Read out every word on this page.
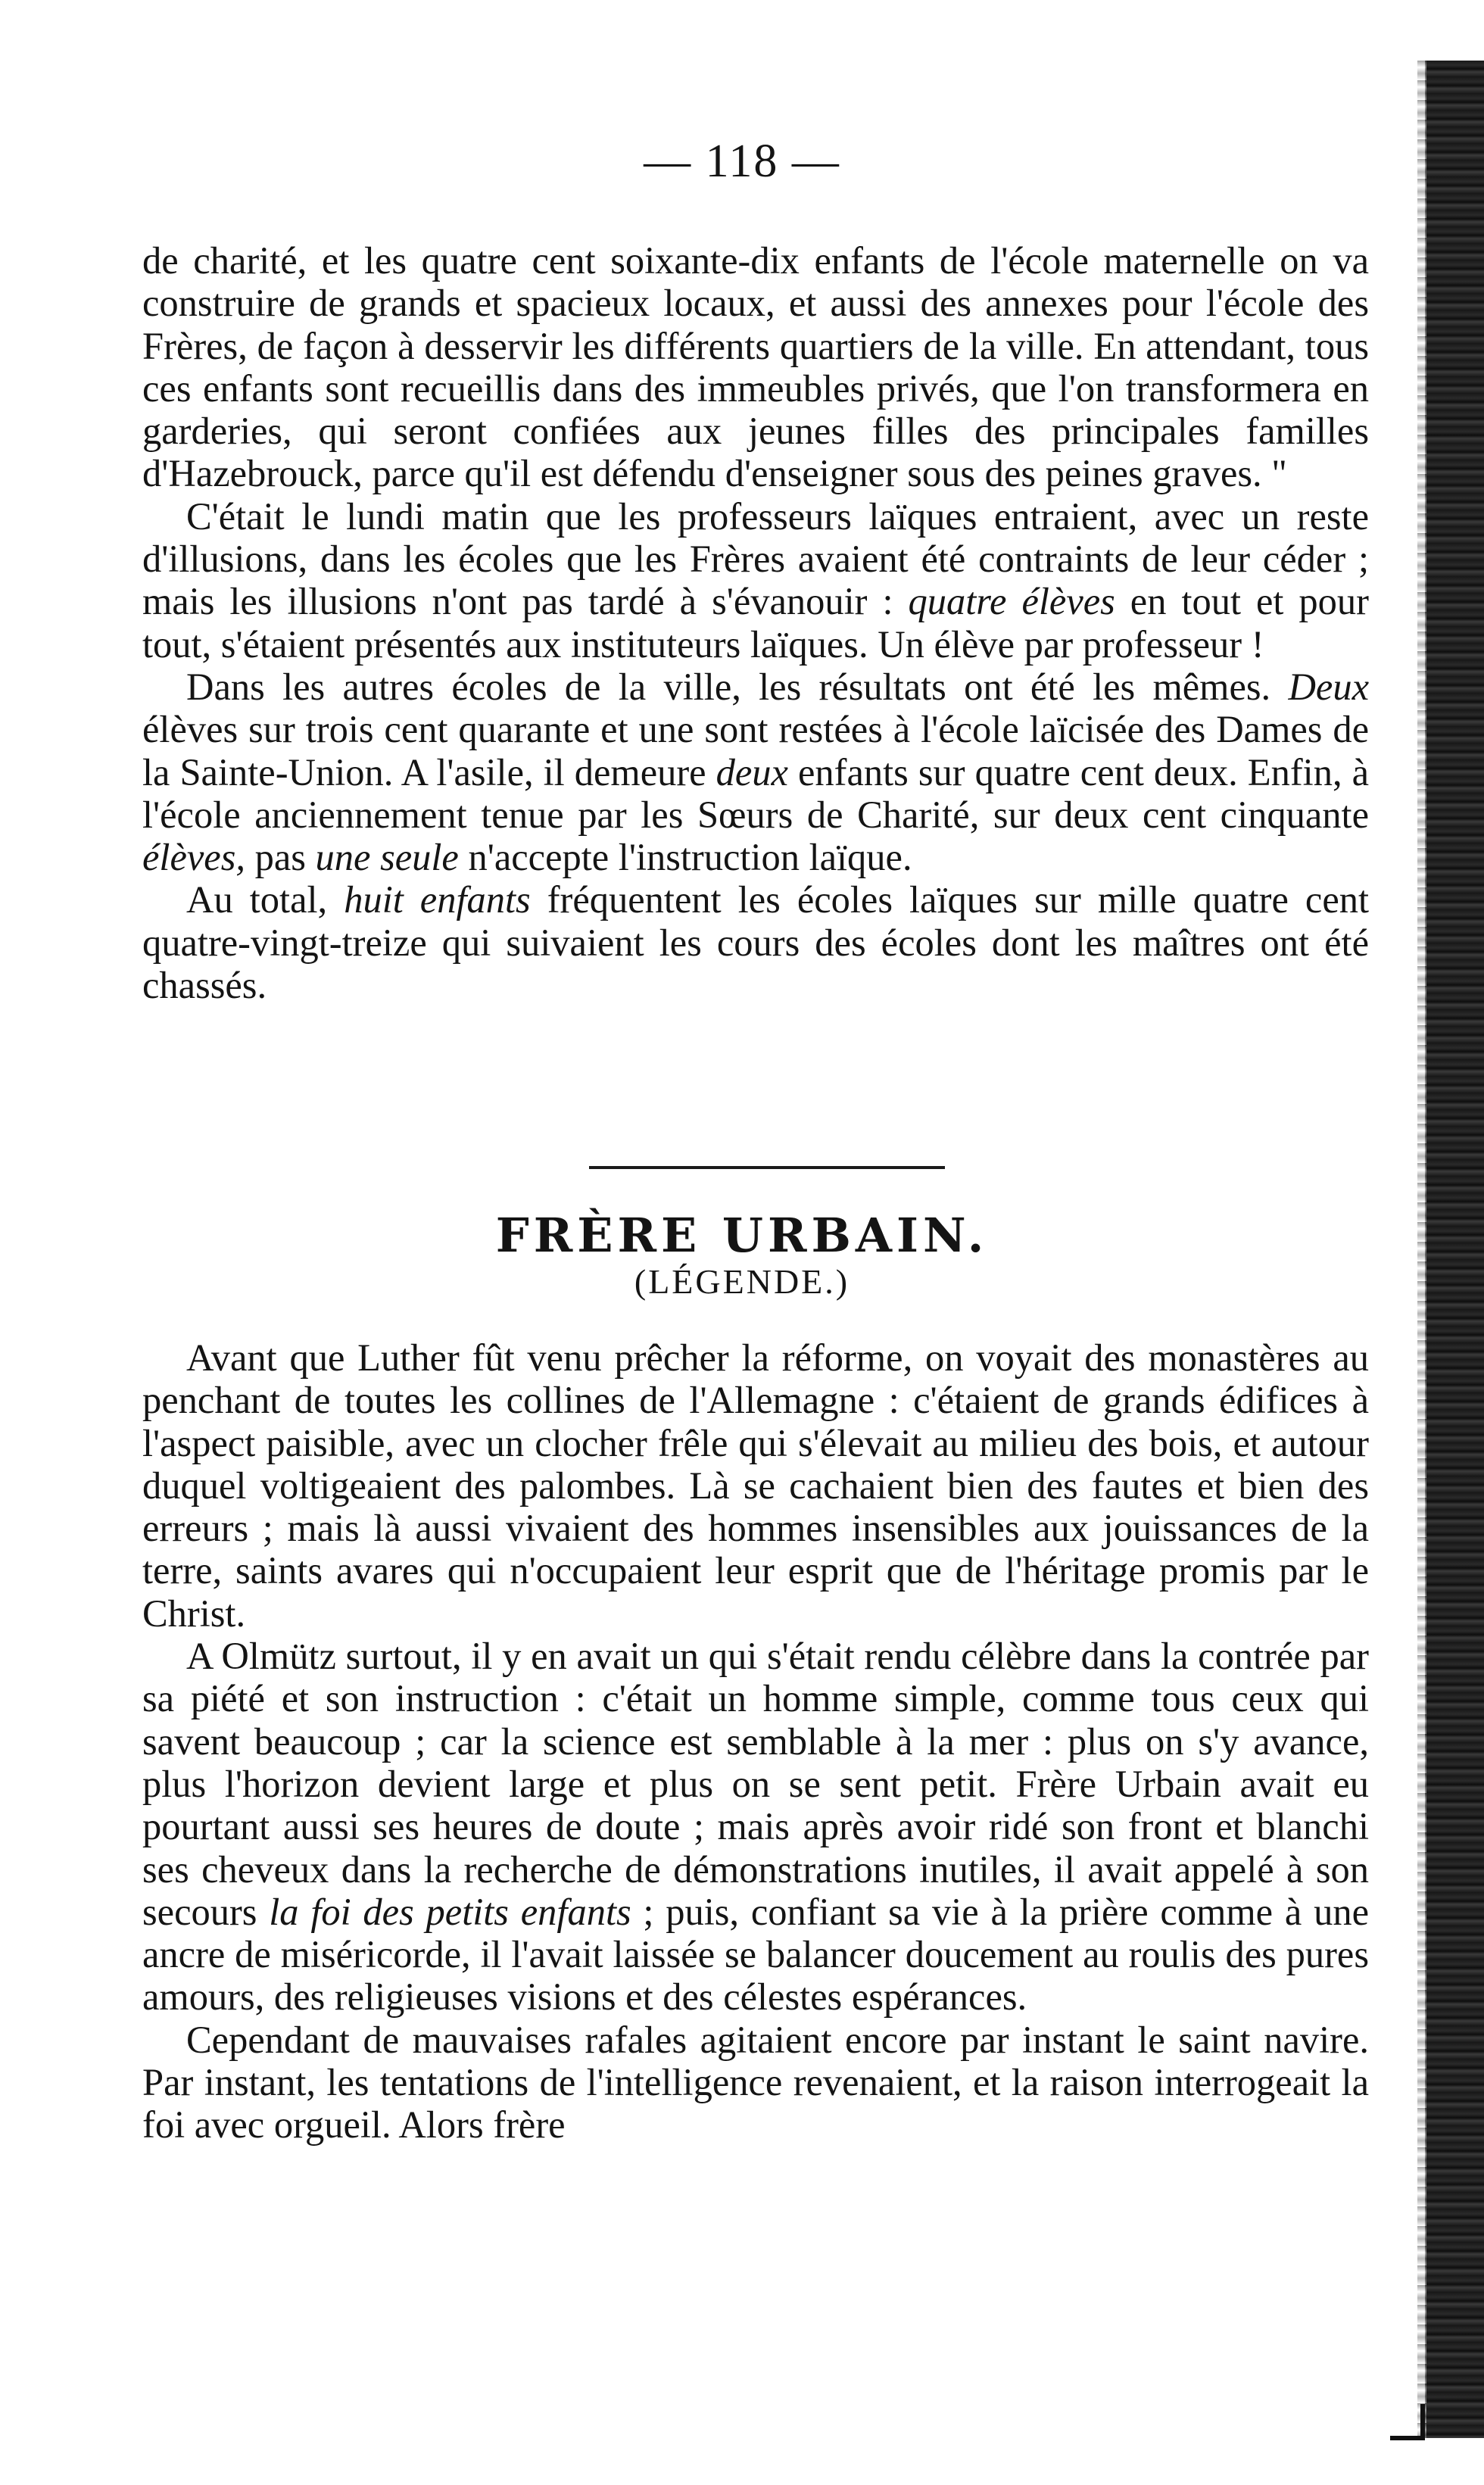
— 118 —

de charité, et les quatre cent soixante-dix enfants de l'école maternelle on va construire de grands et spacieux locaux, et aussi des annexes pour l'école des Frères, de façon à desservir les différents quartiers de la ville. En attendant, tous ces enfants sont recueillis dans des immeubles privés, que l'on transformera en garderies, qui seront confiées aux jeunes filles des principales familles d'Hazebrouck, parce qu'il est défendu d'enseigner sous des peines graves. "

C'était le lundi matin que les professeurs laïques entraient, avec un reste d'illusions, dans les écoles que les Frères avaient été contraints de leur céder ; mais les illusions n'ont pas tardé à s'évanouir : quatre élèves en tout et pour tout, s'étaient présentés aux instituteurs laïques. Un élève par professeur !

Dans les autres écoles de la ville, les résultats ont été les mêmes. Deux élèves sur trois cent quarante et une sont restées à l'école laïcisée des Dames de la Sainte-Union. A l'asile, il demeure deux enfants sur quatre cent deux. Enfin, à l'école anciennement tenue par les Sœurs de Charité, sur deux cent cinquante élèves, pas une seule n'accepte l'instruction laïque.

Au total, huit enfants fréquentent les écoles laïques sur mille quatre cent quatre-vingt-treize qui suivaient les cours des écoles dont les maîtres ont été chassés.

FRÈRE URBAIN.
(LÉGENDE.)

Avant que Luther fût venu prêcher la réforme, on voyait des monastères au penchant de toutes les collines de l'Allemagne : c'étaient de grands édifices à l'aspect paisible, avec un clocher frêle qui s'élevait au milieu des bois, et autour duquel voltigeaient des palombes. Là se cachaient bien des fautes et bien des erreurs ; mais là aussi vivaient des hommes insensibles aux jouissances de la terre, saints avares qui n'occupaient leur esprit que de l'héritage promis par le Christ.

A Olmütz surtout, il y en avait un qui s'était rendu célèbre dans la contrée par sa piété et son instruction : c'était un homme simple, comme tous ceux qui savent beaucoup ; car la science est semblable à la mer : plus on s'y avance, plus l'horizon devient large et plus on se sent petit. Frère Urbain avait eu pourtant aussi ses heures de doute ; mais après avoir ridé son front et blanchi ses cheveux dans la recherche de démonstrations inutiles, il avait appelé à son secours la foi des petits enfants ; puis, confiant sa vie à la prière comme à une ancre de miséricorde, il l'avait laissée se balancer doucement au roulis des pures amours, des religieuses visions et des célestes espérances.

Cependant de mauvaises rafales agitaient encore par instant le saint navire. Par instant, les tentations de l'intelligence revenaient, et la raison interrogeait la foi avec orgueil. Alors frère
